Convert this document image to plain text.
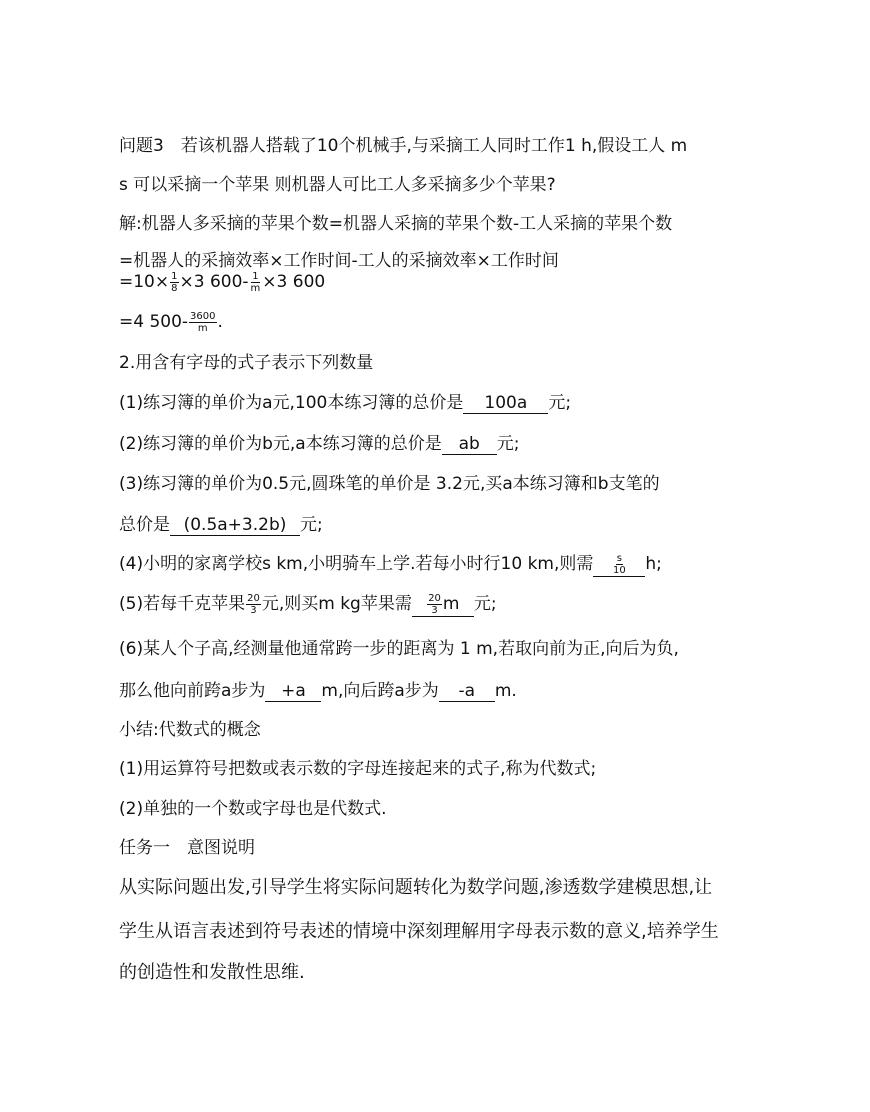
问题3　若该机器人搭载了10个机械手,与采摘工人同时工作1 h,假设工人 m
s 可以采摘一个苹果 则机器人可比工人多采摘多少个苹果?
解:机器人多采摘的苹果个数=机器人采摘的苹果个数-工人采摘的苹果个数
=机器人的采摘效率×工作时间-工人的采摘效率×工作时间
$=10\times \frac{1}{8} \times 3$ $600- \frac{1}{m} \times 3$ 600
=4 $500- \frac{3600}{m}$ .
2.用含有字母的式子表示下列数量
(1)练习簿的单价为a元,100本练习簿的总价是 100a 元;
(2)练习簿的单价为b元,a本练习簿的总价是 ab 元;
(3)练习簿的单价为0.5元,圆珠笔的单价是 3.2元,买a本练习簿和b支笔的
总价是 (0.5a+3.2b) 元;
(4)小明的家离学校s km,小明骑车上学.若每小时行10 km,则需 $\frac{s}{10} h$;
(5)若每千克苹果 $\frac{20}{3}$ 元,则买m kg苹果需 $\frac{20}{3}$ m 元;
(6)某人个子高,经测量他通常跨一步的距离为 1 m,若取向前为正,向后为负,
那么他向前跨a步为 +a m,向后跨a步为 -a m.
小结:代数式的概念
(1)用运算符号把数或表示数的字母连接起来的式子,称为代数式;
(2)单独的一个数或字母也是代数式.
任务一　意图说明
从实际问题出发,引导学生将实际问题转化为数学问题,渗透数学建模思想,让
学生从语言表述到符号表述的情境中深刻理解用字母表示数的意义,培养学生
的创造性和发散性思维.
